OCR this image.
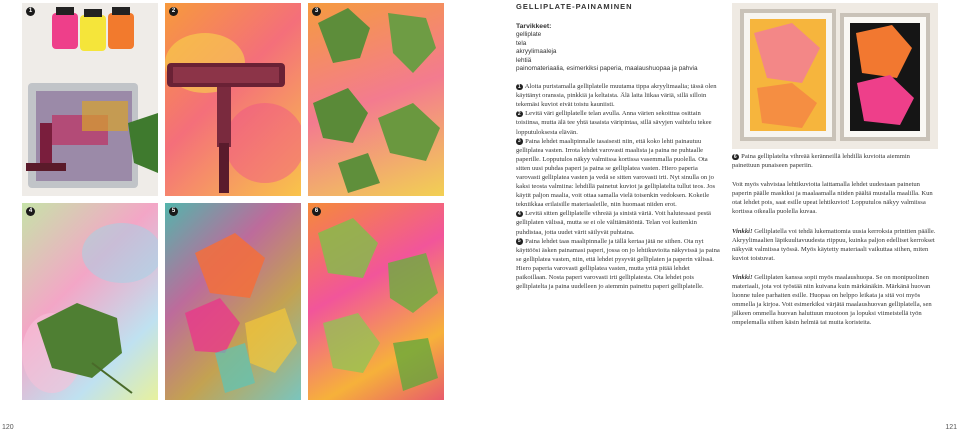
1	2	3
4	5	6
GELLIPLATE-PAINAMINEN

Tarvikkeet:

gelliplate
tela
akryylimaaleja
lehtiä
painomateriaalia, esimerkiksi paperia, maalaushuopaa ja pahvia

1 Aloita puristamalla gelliplatelle muutama tippa akryylimaalia; tässä olen käyttänyt oranssia, pinkkiä ja keltaista. Älä laita liikaa väriä, sillä silloin tekemäsi kuviot eivät toistu kauniisti.

2 Levitä väri gelliplatelle telan avulla. Anna värien sekoittua osittain toisiinsa, mutta älä tee yhtä tasaista väripintaa, sillä sävyjen vaihtelu tekee lopputuloksesta elävän.

3 Paina lehdet maalipinnalle tasaisesti niin, että koko lehti painautuu gelliplatea vasten. Irrota lehdet varovasti maalista ja paina ne puhtaalle paperille. Lopputulos näkyy valmiissa kortissa vasemmalla puolella. Ota sitten uusi puhdas paperi ja paina se gelliplatea vasten. Hiero paperia varovasti gelliplatea vasten ja vedä se sitten varovasti irti. Nyt sinulla on jo kaksi teosta valmiina: lehdillä painetut kuviot ja gelliplatelta tullut teos. Jos käytit paljon maalia, voit ottaa samalla vielä toisenkin vedoksen. Kokeile tekniikkaa erilaisille materiaaleille, niin huomaat niiden erot.

4 Levitä sitten gelliplatelle vihreää ja sinistä väriä. Voit halutessasi pestä gelliplaten välissä, mutta se ei ole välttämätöntä. Telan voi kuitenkin puhdistaa, jotta uudet värit säilyvät puhtaina.

5 Paina lehdet taas maalipinnalle ja tällä kertaa jätä ne siihen. Ota nyt käyttöösi äsken painamasi paperi, jossa on jo lehtikuvioita näkyvissä ja paina se gelliplatea vasten, niin, että lehdet pysyvät gelliplaten ja paperin välissä. Hiero paperia varovasti gelliplatea vasten, mutta yritä pitää lehdet paikoillaan. Nosta paperi varovasti irti gelliplatesta. Ota lehdet pois gelliplatelta ja paina uudelleen jo aiemmin painettu paperi gelliplatelle.

6 Paina gelliplatelta vihreää keränneillä lehdillä kuvioita aiemmin painettuun punaiseen paperiin.

Voit myös vahvistaa lehtikuvioita laittamalla lehdet uudestaan painetun paperin päälle maskiksi ja maalaamalla niiden päältä mustalla maalilla. Kun otat lehdet pois, saat esille upeat lehtikuviot! Lopputulos näkyy valmiissa kortissa oikealla puolella kuvaa.

Vinkki! Gelliplatella voi tehdä lukemattomia uusia kerroksia printtien päälle. Akryylimaalien läpikuultavuudesta riippuu, kuinka paljon edelliset kerrokset näkyvät valmiissa työssä. Myös käytetty materiaali vaikuttaa siihen, miten kuviot toistuvat.

Vinkki! Gelliplaten kanssa sopii myös maalaushuopa. Se on monipuolinen materiaali, jota voi työstää niin kuivana kuin märkänäkin. Märkänä huovan luonne tulee parhaiten esille. Huopaa on helppo leikata ja sitä voi myös ommella ja kirjoa. Voit esimerkiksi värjätä maalaushuovan gelliplatella, sen jälkeen ommella huovan haluttuun muotoon ja lopuksi viimeistellä työn ompelemalla siihen käsin helmiä tai muita koristeita.

120	121
